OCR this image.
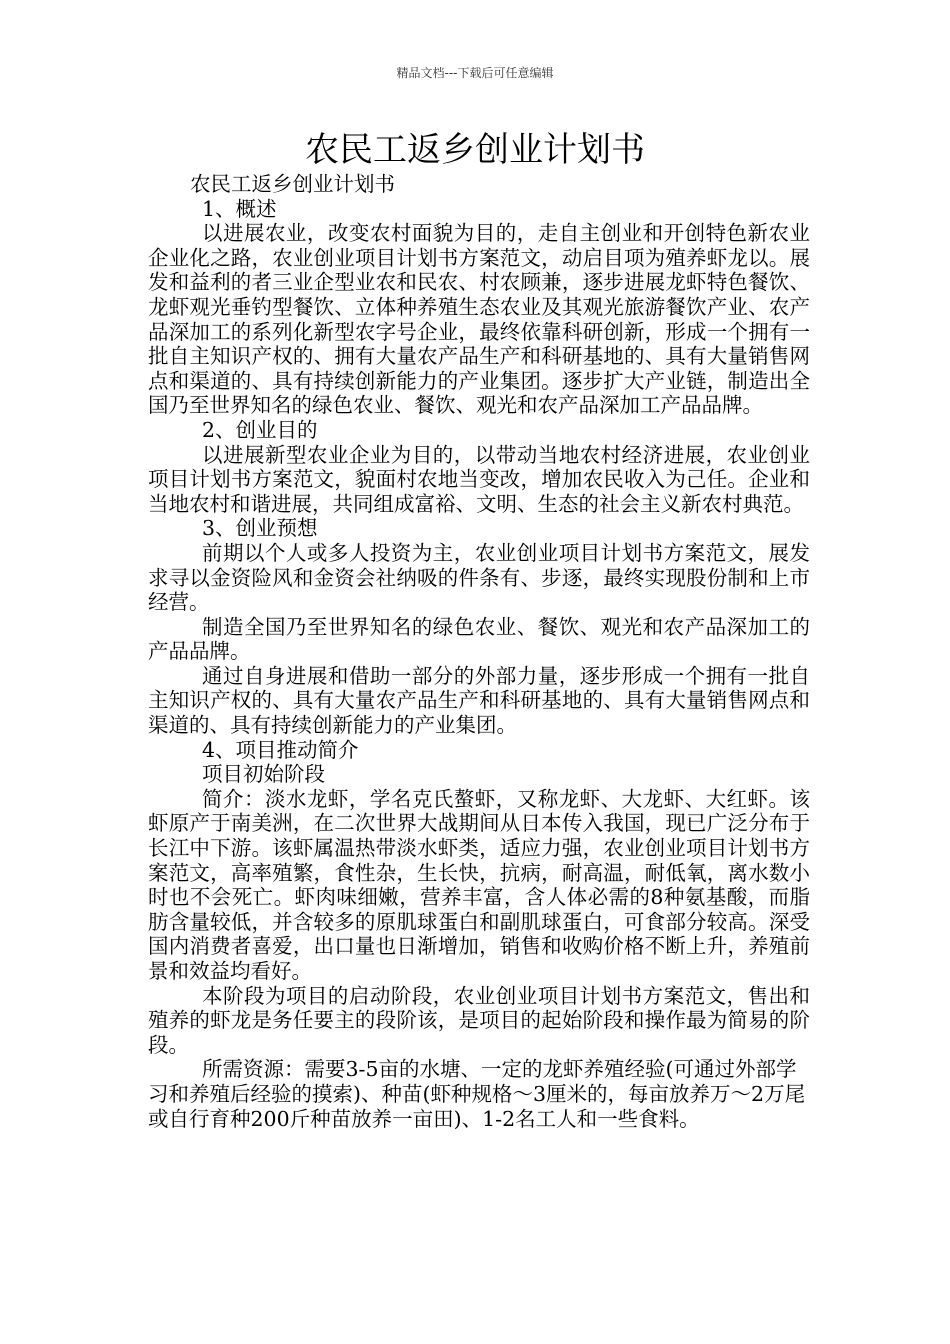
精品文档---下载后可任意编辑
农民工返乡创业计划书

农民工返乡创业计划书

1、概述

以进展农业，改变农村面貌为目的，走自主创业和开创特色新农业企业化之路，农业创业项目计划书方案范文，动启目项为殖养虾龙以。展发和益利的者三业企型业农和民农、村农顾兼，逐步进展龙虾特色餐饮、龙虾观光垂钓型餐饮、立体种养殖生态农业及其观光旅游餐饮产业、农产品深加工的系列化新型农字号企业，最终依靠科研创新，形成一个拥有一批自主知识产权的、拥有大量农产品生产和科研基地的、具有大量销售网点和渠道的、具有持续创新能力的产业集团。逐步扩大产业链，制造出全国乃至世界知名的绿色农业、餐饮、观光和农产品深加工产品品牌。

2、创业目的

以进展新型农业企业为目的，以带动当地农村经济进展，农业创业项目计划书方案范文，貌面村农地当变改，增加农民收入为己任。企业和当地农村和谐进展，共同组成富裕、文明、生态的社会主义新农村典范。

3、创业预想

前期以个人或多人投资为主，农业创业项目计划书方案范文，展发求寻以金资险风和金资会社纳吸的件条有、步逐，最终实现股份制和上市经营。

制造全国乃至世界知名的绿色农业、餐饮、观光和农产品深加工的产品品牌。

通过自身进展和借助一部分的外部力量，逐步形成一个拥有一批自主知识产权的、具有大量农产品生产和科研基地的、具有大量销售网点和渠道的、具有持续创新能力的产业集团。

4、项目推动简介

项目初始阶段

简介：淡水龙虾，学名克氏螯虾，又称龙虾、大龙虾、大红虾。该虾原产于南美洲，在二次世界大战期间从日本传入我国，现已广泛分布于长江中下游。该虾属温热带淡水虾类，适应力强，农业创业项目计划书方案范文，高率殖繁，食性杂，生长快，抗病，耐高温，耐低氧，离水数小时也不会死亡。虾肉味细嫩，营养丰富，含人体必需的8种氨基酸，而脂肪含量较低，并含较多的原肌球蛋白和副肌球蛋白，可食部分较高。深受国内消费者喜爱，出口量也日渐增加，销售和收购价格不断上升，养殖前景和效益均看好。

本阶段为项目的启动阶段，农业创业项目计划书方案范文，售出和殖养的虾龙是务任要主的段阶该，是项目的起始阶段和操作最为简易的阶段。

所需资源：需要3-5亩的水塘、一定的龙虾养殖经验(可通过外部学习和养殖后经验的摸索)、种苗(虾种规格～3厘米的，每亩放养万～2万尾或自行育种200斤种苗放养一亩田)、1-2名工人和一些食料。
